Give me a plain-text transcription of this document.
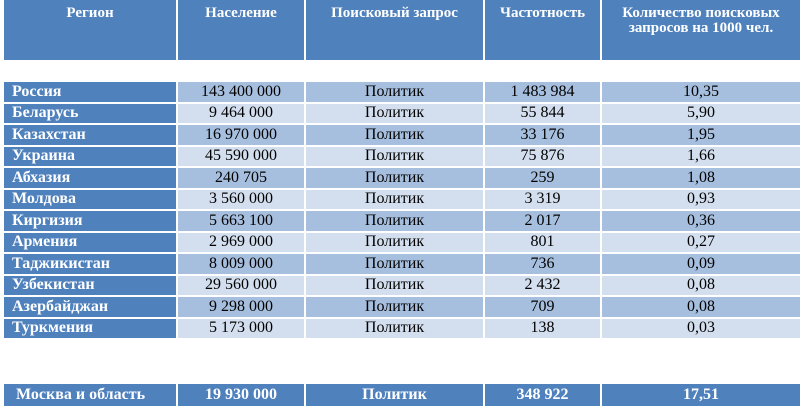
Регион	Население	Поисковый запрос	Частотность	Количество поисковых запросов на 1000 чел.

Россия	143 400 000	Политик	1 483 984	10,35
Беларусь	9 464 000	Политик	55 844	5,90
Казахстан	16 970 000	Политик	33 176	1,95
Украина	45 590 000	Политик	75 876	1,66
Абхазия	240 705	Политик	259	1,08
Молдова	3 560 000	Политик	3 319	0,93
Киргизия	5 663 100	Политик	2 017	0,36
Армения	2 969 000	Политик	801	0,27
Таджикистан	8 009 000	Политик	736	0,09
Узбекистан	29 560 000	Политик	2 432	0,08
Азербайджан	9 298 000	Политик	709	0,08
Туркмения	5 173 000	Политик	138	0,03

Москва и область	19 930 000	Политик	348 922	17,51
